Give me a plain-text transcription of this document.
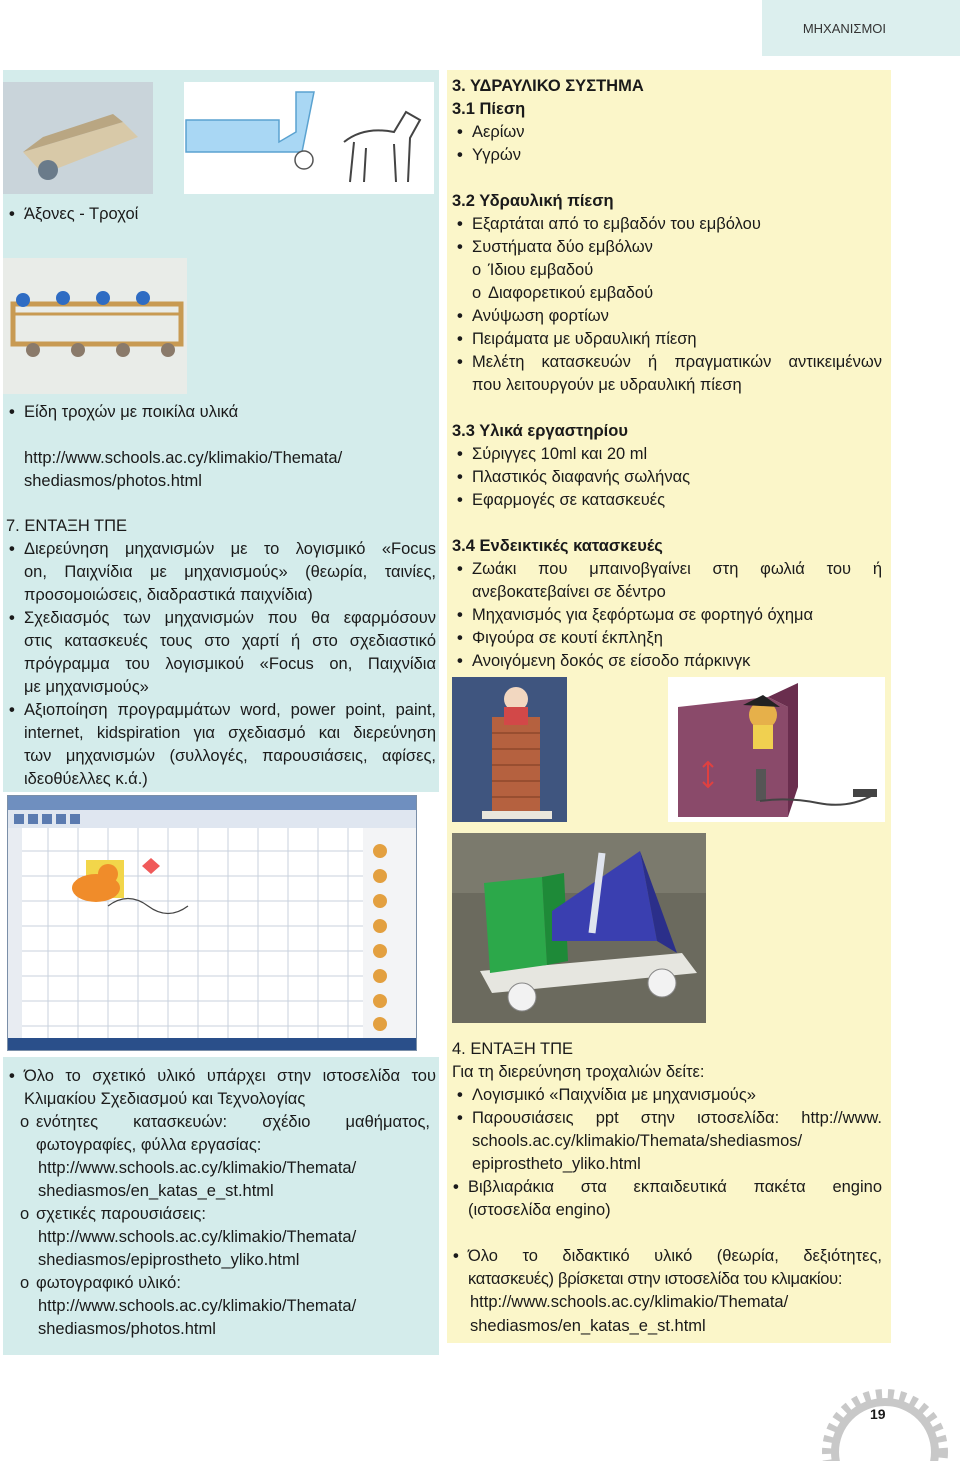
ΜΗΧΑΝΙΣΜΟΙ
• Άξονες - Τροχοί
• Είδη τροχών με ποικίλα υλικά
http://www.schools.ac.cy/klimakio/Themata/
shediasmos/photos.html
7. ΕΝΤΑΞΗ ΤΠΕ
• Διερεύνηση μηχανισμών με το λογισμικό «Focus
on, Παιχνίδια με μηχανισμούς» (θεωρία, ταινίες,
προσομοιώσεις, διαδραστικά παιχνίδια)
• Σχεδιασμός των μηχανισμών που θα εφαρμόσουν
στις κατασκευές τους στο χαρτί ή στο σχεδιαστικό
πρόγραμμα του λογισμικού «Focus on, Παιχνίδια
με μηχανισμούς»
• Αξιοποίηση προγραμμάτων word, power point, paint,
internet, kidspiration για σχεδιασμό και διερεύνηση
των μηχανισμών (συλλογές, παρουσιάσεις, αφίσες,
ιδεοθύελλες κ.ά.)
• Όλο το σχετικό υλικό υπάρχει στην ιστοσελίδα του
Κλιμακίου Σχεδιασμού και Τεχνολογίας
o ενότητες κατασκευών: σχέδιο μαθήματος,
φωτογραφίες, φύλλα εργασίας:
http://www.schools.ac.cy/klimakio/Themata/
shediasmos/en_katas_e_st.html
o σχετικές παρουσιάσεις:
http://www.schools.ac.cy/klimakio/Themata/
shediasmos/epiprostheto_yliko.html
o φωτογραφικό υλικό:
http://www.schools.ac.cy/klimakio/Themata/
shediasmos/photos.html
3. ΥΔΡΑΥΛΙΚΟ ΣΥΣΤΗΜΑ
3.1 Πίεση
• Αερίων
• Υγρών
3.2 Υδραυλική πίεση
• Εξαρτάται από το εμβαδόν του εμβόλου
• Συστήματα δύο εμβόλων
o Ίδιου εμβαδού
o Διαφορετικού εμβαδού
• Ανύψωση φορτίων
• Πειράματα με υδραυλική πίεση
• Μελέτη κατασκευών ή πραγματικών αντικειμένων
που λειτουργούν με υδραυλική πίεση
3.3 Υλικά εργαστηρίου
• Σύριγγες 10ml και 20 ml
• Πλαστικός διαφανής σωλήνας
• Εφαρμογές σε κατασκευές
3.4 Ενδεικτικές κατασκευές
• Ζωάκι που μπαινοβγαίνει στη φωλιά του ή
ανεβοκατεβαίνει σε δέντρο
• Μηχανισμός για ξεφόρτωμα σε φορτηγό όχημα
• Φιγούρα σε κουτί έκπληξη
• Ανοιγόμενη δοκός σε είσοδο πάρκινγκ
4. ΕΝΤΑΞΗ ΤΠΕ
Για τη διερεύνηση τροχαλιών δείτε:
• Λογισμικό «Παιχνίδια με μηχανισμούς»
• Παρουσιάσεις ppt στην ιστοσελίδα: http://www.
schools.ac.cy/klimakio/Themata/shediasmos/
epiprostheto_yliko.html
• Βιβλιαράκια στα εκπαιδευτικά πακέτα engino
(ιστοσελίδα engino)
• Όλο το διδακτικό υλικό (θεωρία, δεξιότητες,
κατασκευές) βρίσκεται στην ιστοσελίδα του κλιμακίου:
http://www.schools.ac.cy/klimakio/Themata/
shediasmos/en_katas_e_st.html
19
